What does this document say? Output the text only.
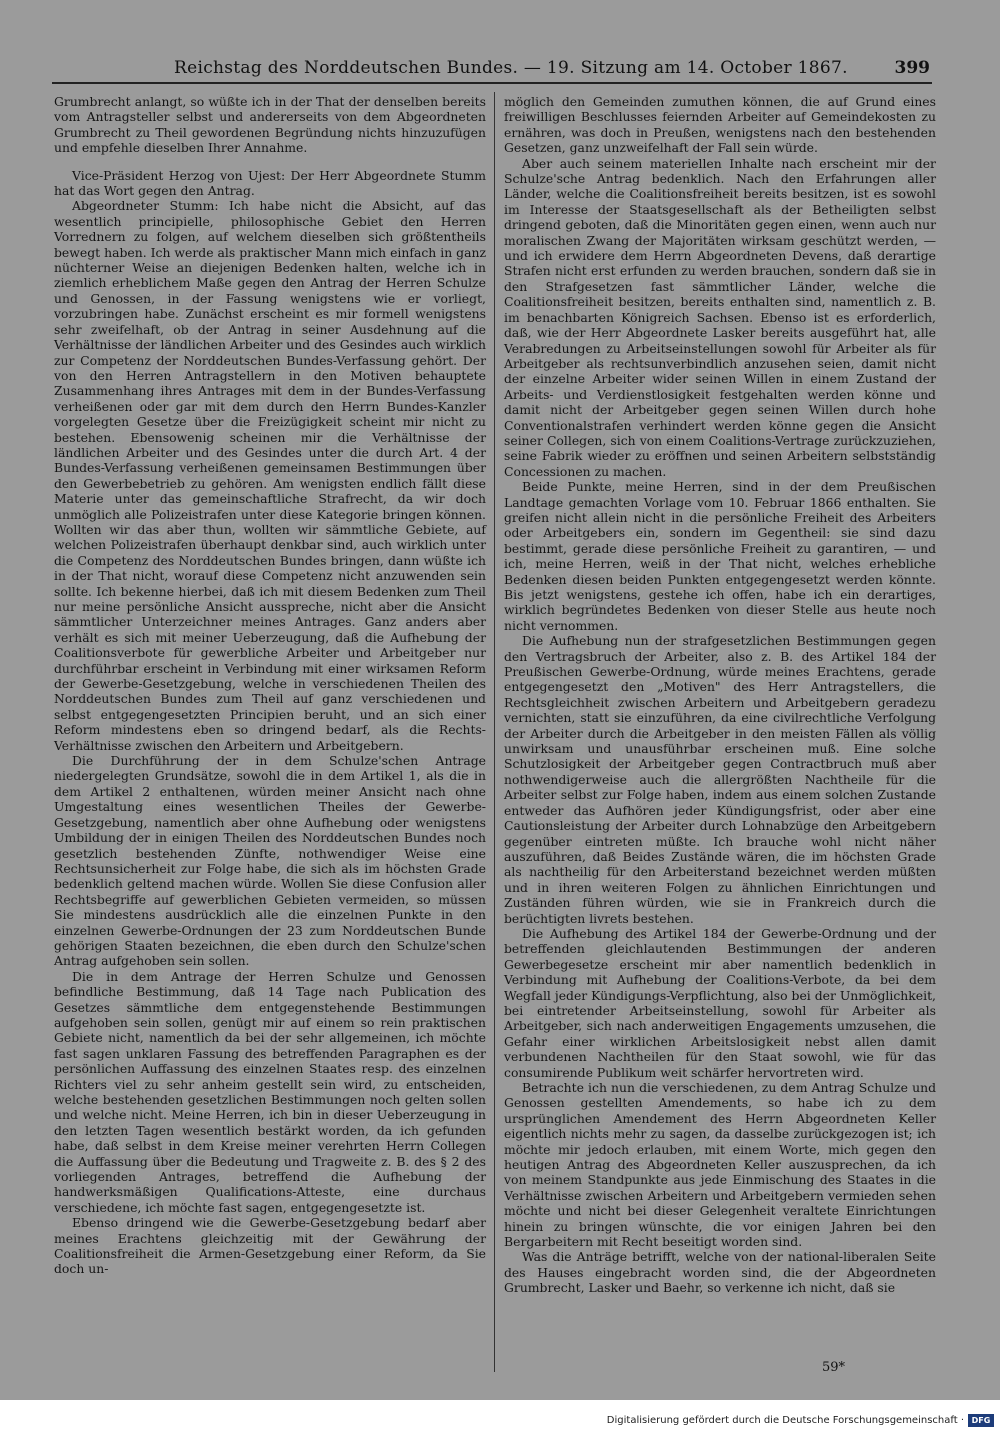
Reichstag des Norddeutschen Bundes. — 19. Sitzung am 14. October 1867.	399

Grumbrecht anlangt, so wüßte ich in der That der denselben bereits vom Antragsteller selbst und andererseits von dem Abgeordneten Grumbrecht zu Theil gewordenen Begründung nichts hinzuzufügen und empfehle dieselben Ihrer Annahme.

Vice-Präsident Herzog von Ujest: Der Herr Abgeordnete Stumm hat das Wort gegen den Antrag.

Abgeordneter Stumm: Ich habe nicht die Absicht, auf das wesentlich principielle, philosophische Gebiet den Herren Vorrednern zu folgen, auf welchem dieselben sich größtentheils bewegt haben. Ich werde als praktischer Mann mich einfach in ganz nüchterner Weise an diejenigen Bedenken halten, welche ich in ziemlich erheblichem Maße gegen den Antrag der Herren Schulze und Genossen, in der Fassung wenigstens wie er vorliegt, vorzubringen habe. Zunächst erscheint es mir formell wenigstens sehr zweifelhaft, ob der Antrag in seiner Ausdehnung auf die Verhältnisse der ländlichen Arbeiter und des Gesindes auch wirklich zur Competenz der Norddeutschen Bundes-Verfassung gehört. Der von den Herren Antragstellern in den Motiven behauptete Zusammenhang ihres Antrages mit dem in der Bundes-Verfassung verheißenen oder gar mit dem durch den Herrn Bundes-Kanzler vorgelegten Gesetze über die Freizügigkeit scheint mir nicht zu bestehen. Ebensowenig scheinen mir die Verhältnisse der ländlichen Arbeiter und des Gesindes unter die durch Art. 4 der Bundes-Verfassung verheißenen gemeinsamen Bestimmungen über den Gewerbebetrieb zu gehören. Am wenigsten endlich fällt diese Materie unter das gemeinschaftliche Strafrecht, da wir doch unmöglich alle Polizeistrafen unter diese Kategorie bringen können. Wollten wir das aber thun, wollten wir sämmtliche Gebiete, auf welchen Polizeistrafen überhaupt denkbar sind, auch wirklich unter die Competenz des Norddeutschen Bundes bringen, dann wüßte ich in der That nicht, worauf diese Competenz nicht anzuwenden sein sollte. Ich bekenne hierbei, daß ich mit diesem Bedenken zum Theil nur meine persönliche Ansicht ausspreche, nicht aber die Ansicht sämmtlicher Unterzeichner meines Antrages. Ganz anders aber verhält es sich mit meiner Ueberzeugung, daß die Aufhebung der Coalitionsverbote für gewerbliche Arbeiter und Arbeitgeber nur durchführbar erscheint in Verbindung mit einer wirksamen Reform der Gewerbe-Gesetzgebung, welche in verschiedenen Theilen des Norddeutschen Bundes zum Theil auf ganz verschiedenen und selbst entgegengesetzten Principien beruht, und an sich einer Reform mindestens eben so dringend bedarf, als die Rechts-Verhältnisse zwischen den Arbeitern und Arbeitgebern.

Die Durchführung der in dem Schulze'schen Antrage niedergelegten Grundsätze, sowohl die in dem Artikel 1, als die in dem Artikel 2 enthaltenen, würden meiner Ansicht nach ohne Umgestaltung eines wesentlichen Theiles der Gewerbe-Gesetzgebung, namentlich aber ohne Aufhebung oder wenigstens Umbildung der in einigen Theilen des Norddeutschen Bundes noch gesetzlich bestehenden Zünfte, nothwendiger Weise eine Rechtsunsicherheit zur Folge habe, die sich als im höchsten Grade bedenklich geltend machen würde. Wollen Sie diese Confusion aller Rechtsbegriffe auf gewerblichen Gebieten vermeiden, so müssen Sie mindestens ausdrücklich alle die einzelnen Punkte in den einzelnen Gewerbe-Ordnungen der 23 zum Norddeutschen Bunde gehörigen Staaten bezeichnen, die eben durch den Schulze'schen Antrag aufgehoben sein sollen.

Die in dem Antrage der Herren Schulze und Genossen befindliche Bestimmung, daß 14 Tage nach Publication des Gesetzes sämmtliche dem entgegenstehende Bestimmungen aufgehoben sein sollen, genügt mir auf einem so rein praktischen Gebiete nicht, namentlich da bei der sehr allgemeinen, ich möchte fast sagen unklaren Fassung des betreffenden Paragraphen es der persönlichen Auffassung des einzelnen Staates resp. des einzelnen Richters viel zu sehr anheim gestellt sein wird, zu entscheiden, welche bestehenden gesetzlichen Bestimmungen noch gelten sollen und welche nicht. Meine Herren, ich bin in dieser Ueberzeugung in den letzten Tagen wesentlich bestärkt worden, da ich gefunden habe, daß selbst in dem Kreise meiner verehrten Herrn Collegen die Auffassung über die Bedeutung und Tragweite z. B. des § 2 des vorliegenden Antrages, betreffend die Aufhebung der handwerksmäßigen Qualifications-Atteste, eine durchaus verschiedene, ich möchte fast sagen, entgegengesetzte ist.

Ebenso dringend wie die Gewerbe-Gesetzgebung bedarf aber meines Erachtens gleichzeitig mit der Gewährung der Coalitionsfreiheit die Armen-Gesetzgebung einer Reform, da Sie doch un-

möglich den Gemeinden zumuthen können, die auf Grund eines freiwilligen Beschlusses feiernden Arbeiter auf Gemeindekosten zu ernähren, was doch in Preußen, wenigstens nach den bestehenden Gesetzen, ganz unzweifelhaft der Fall sein würde.

Aber auch seinem materiellen Inhalte nach erscheint mir der Schulze'sche Antrag bedenklich. Nach den Erfahrungen aller Länder, welche die Coalitionsfreiheit bereits besitzen, ist es sowohl im Interesse der Staatsgesellschaft als der Betheiligten selbst dringend geboten, daß die Minoritäten gegen einen, wenn auch nur moralischen Zwang der Majoritäten wirksam geschützt werden, — und ich erwidere dem Herrn Abgeordneten Devens, daß derartige Strafen nicht erst erfunden zu werden brauchen, sondern daß sie in den Strafgesetzen fast sämmtlicher Länder, welche die Coalitionsfreiheit besitzen, bereits enthalten sind, namentlich z. B. im benachbarten Königreich Sachsen. Ebenso ist es erforderlich, daß, wie der Herr Abgeordnete Lasker bereits ausgeführt hat, alle Verabredungen zu Arbeitseinstellungen sowohl für Arbeiter als für Arbeitgeber als rechtsunverbindlich anzusehen seien, damit nicht der einzelne Arbeiter wider seinen Willen in einem Zustand der Arbeits- und Verdienstlosigkeit festgehalten werden könne und damit nicht der Arbeitgeber gegen seinen Willen durch hohe Conventionalstrafen verhindert werden könne gegen die Ansicht seiner Collegen, sich von einem Coalitions-Vertrage zurückzuziehen, seine Fabrik wieder zu eröffnen und seinen Arbeitern selbstständig Concessionen zu machen.

Beide Punkte, meine Herren, sind in der dem Preußischen Landtage gemachten Vorlage vom 10. Februar 1866 enthalten. Sie greifen nicht allein nicht in die persönliche Freiheit des Arbeiters oder Arbeitgebers ein, sondern im Gegentheil: sie sind dazu bestimmt, gerade diese persönliche Freiheit zu garantiren, — und ich, meine Herren, weiß in der That nicht, welches erhebliche Bedenken diesen beiden Punkten entgegengesetzt werden könnte. Bis jetzt wenigstens, gestehe ich offen, habe ich ein derartiges, wirklich begründetes Bedenken von dieser Stelle aus heute noch nicht vernommen.

Die Aufhebung nun der strafgesetzlichen Bestimmungen gegen den Vertragsbruch der Arbeiter, also z. B. des Artikel 184 der Preußischen Gewerbe-Ordnung, würde meines Erachtens, gerade entgegengesetzt den „Motiven" des Herr Antragstellers, die Rechtsgleichheit zwischen Arbeitern und Arbeitgebern geradezu vernichten, statt sie einzuführen, da eine civilrechtliche Verfolgung der Arbeiter durch die Arbeitgeber in den meisten Fällen als völlig unwirksam und unausführbar erscheinen muß. Eine solche Schutzlosigkeit der Arbeitgeber gegen Contractbruch muß aber nothwendigerweise auch die allergrößten Nachtheile für die Arbeiter selbst zur Folge haben, indem aus einem solchen Zustande entweder das Aufhören jeder Kündigungsfrist, oder aber eine Cautionsleistung der Arbeiter durch Lohnabzüge den Arbeitgebern gegenüber eintreten müßte. Ich brauche wohl nicht näher auszuführen, daß Beides Zustände wären, die im höchsten Grade als nachtheilig für den Arbeiterstand bezeichnet werden müßten und in ihren weiteren Folgen zu ähnlichen Einrichtungen und Zuständen führen würden, wie sie in Frankreich durch die berüchtigten livrets bestehen.

Die Aufhebung des Artikel 184 der Gewerbe-Ordnung und der betreffenden gleichlautenden Bestimmungen der anderen Gewerbegesetze erscheint mir aber namentlich bedenklich in Verbindung mit Aufhebung der Coalitions-Verbote, da bei dem Wegfall jeder Kündigungs-Verpflichtung, also bei der Unmöglichkeit, bei eintretender Arbeitseinstellung, sowohl für Arbeiter als Arbeitgeber, sich nach anderweitigen Engagements umzusehen, die Gefahr einer wirklichen Arbeitslosigkeit nebst allen damit verbundenen Nachtheilen für den Staat sowohl, wie für das consumirende Publikum weit schärfer hervortreten wird.

Betrachte ich nun die verschiedenen, zu dem Antrag Schulze und Genossen gestellten Amendements, so habe ich zu dem ursprünglichen Amendement des Herrn Abgeordneten Keller eigentlich nichts mehr zu sagen, da dasselbe zurückgezogen ist; ich möchte mir jedoch erlauben, mit einem Worte, mich gegen den heutigen Antrag des Abgeordneten Keller auszusprechen, da ich von meinem Standpunkte aus jede Einmischung des Staates in die Verhältnisse zwischen Arbeitern und Arbeitgebern vermieden sehen möchte und nicht bei dieser Gelegenheit veraltete Einrichtungen hinein zu bringen wünschte, die vor einigen Jahren bei den Bergarbeitern mit Recht beseitigt worden sind.

Was die Anträge betrifft, welche von der national-liberalen Seite des Hauses eingebracht worden sind, die der Abgeordneten Grumbrecht, Lasker und Baehr, so verkenne ich nicht, daß sie

59*
Digitalisierung gefördert durch die Deutsche Forschungsgemeinschaft · DFG
